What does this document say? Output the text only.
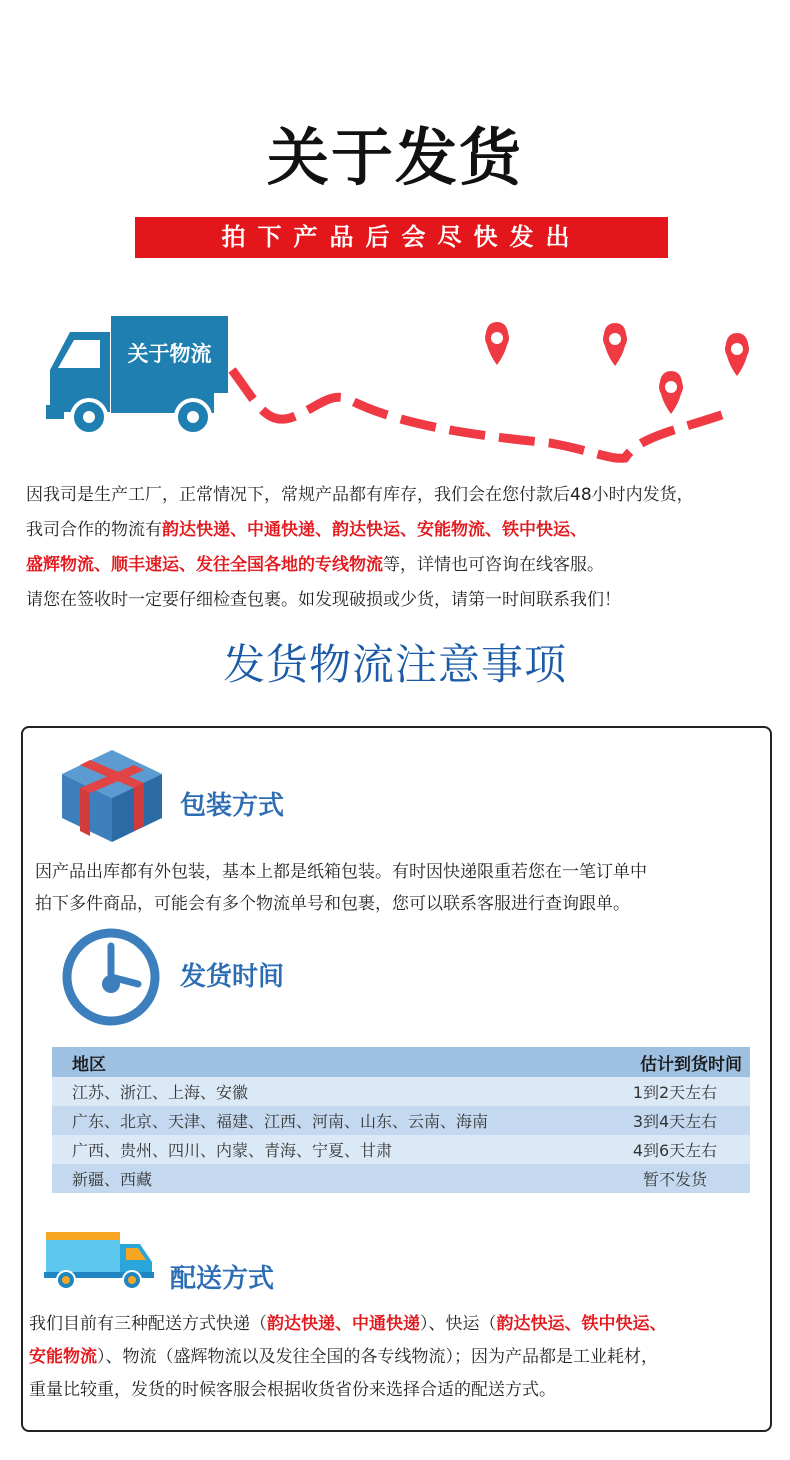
关于发货
拍下产品后会尽快发出
关于物流
因我司是生产工厂，正常情况下，常规产品都有库存，我们会在您付款后48小时内发货，
我司合作的物流有韵达快递、中通快递、韵达快运、安能物流、铁中快运、
盛辉物流、顺丰速运、发往全国各地的专线物流等，详情也可咨询在线客服。
请您在签收时一定要仔细检查包裹。如发现破损或少货，请第一时间联系我们！
发货物流注意事项
包装方式
因产品出库都有外包装，基本上都是纸箱包装。有时因快递限重若您在一笔订单中
拍下多件商品，可能会有多个物流单号和包裹，您可以联系客服进行查询跟单。
发货时间
地区	估计到货时间
江苏、浙江、上海、安徽	1到2天左右
广东、北京、天津、福建、江西、河南、山东、云南、海南	3到4天左右
广西、贵州、四川、内蒙、青海、宁夏、甘肃	4到6天左右
新疆、西藏	暂不发货
配送方式
我们目前有三种配送方式快递（韵达快递、中通快递）、快运（韵达快运、铁中快运、
安能物流）、物流（盛辉物流以及发往全国的各专线物流）；因为产品都是工业耗材，
重量比较重，发货的时候客服会根据收货省份来选择合适的配送方式。
